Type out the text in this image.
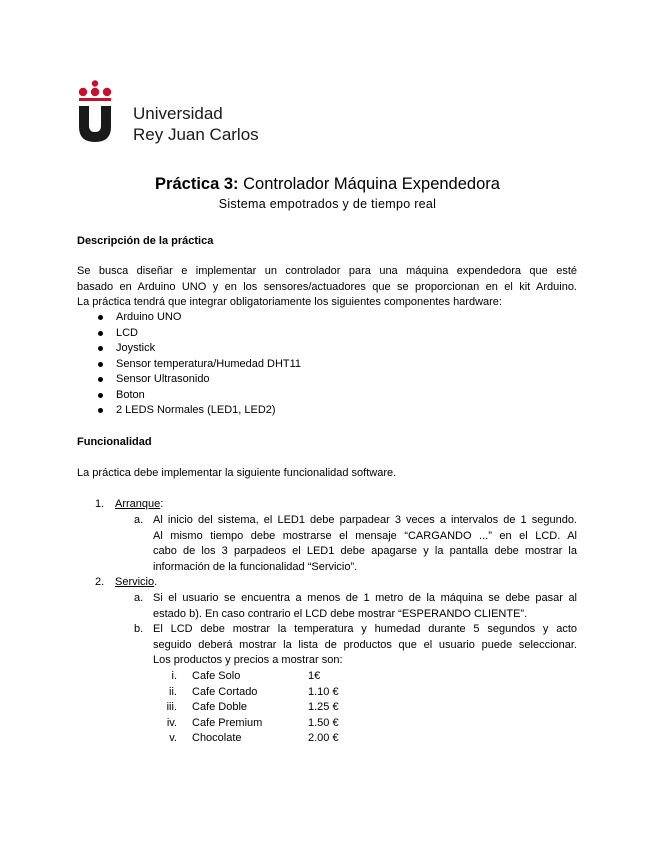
Universidad
Rey Juan Carlos
Práctica 3: Controlador Máquina Expendedora
Sistema empotrados y de tiempo real
Descripción de la práctica
Se busca diseñar e implementar un controlador para una máquina expendedora que esté
basado en Arduino UNO y en los sensores/actuadores que se proporcionan en el kit Arduino.
La práctica tendrá que integrar obligatoriamente los siguientes componentes hardware:
Arduino UNO
LCD
Joystick
Sensor temperatura/Humedad DHT11
Sensor Ultrasonido
Boton
2 LEDS Normales (LED1, LED2)
Funcionalidad
La práctica debe implementar la siguiente funcionalidad software.
1. Arranque:
a. Al inicio del sistema, el LED1 debe parpadear 3 veces a intervalos de 1 segundo.
Al mismo tiempo debe mostrarse el mensaje “CARGANDO ...” en el LCD. Al
cabo de los 3 parpadeos el LED1 debe apagarse y la pantalla debe mostrar la
información de la funcionalidad “Servicio”.
2. Servicio.
a. Si el usuario se encuentra a menos de 1 metro de la máquina se debe pasar al
estado b). En caso contrario el LCD debe mostrar “ESPERANDO CLIENTE”.
b. El LCD debe mostrar la temperatura y humedad durante 5 segundos y acto
seguido deberá mostrar la lista de productos que el usuario puede seleccionar.
Los productos y precios a mostrar son:
i. Cafe Solo	1€
ii. Cafe Cortado	1.10 €
iii. Cafe Doble	1.25 €
iv. Cafe Premium	1.50 €
v. Chocolate	2.00 €
